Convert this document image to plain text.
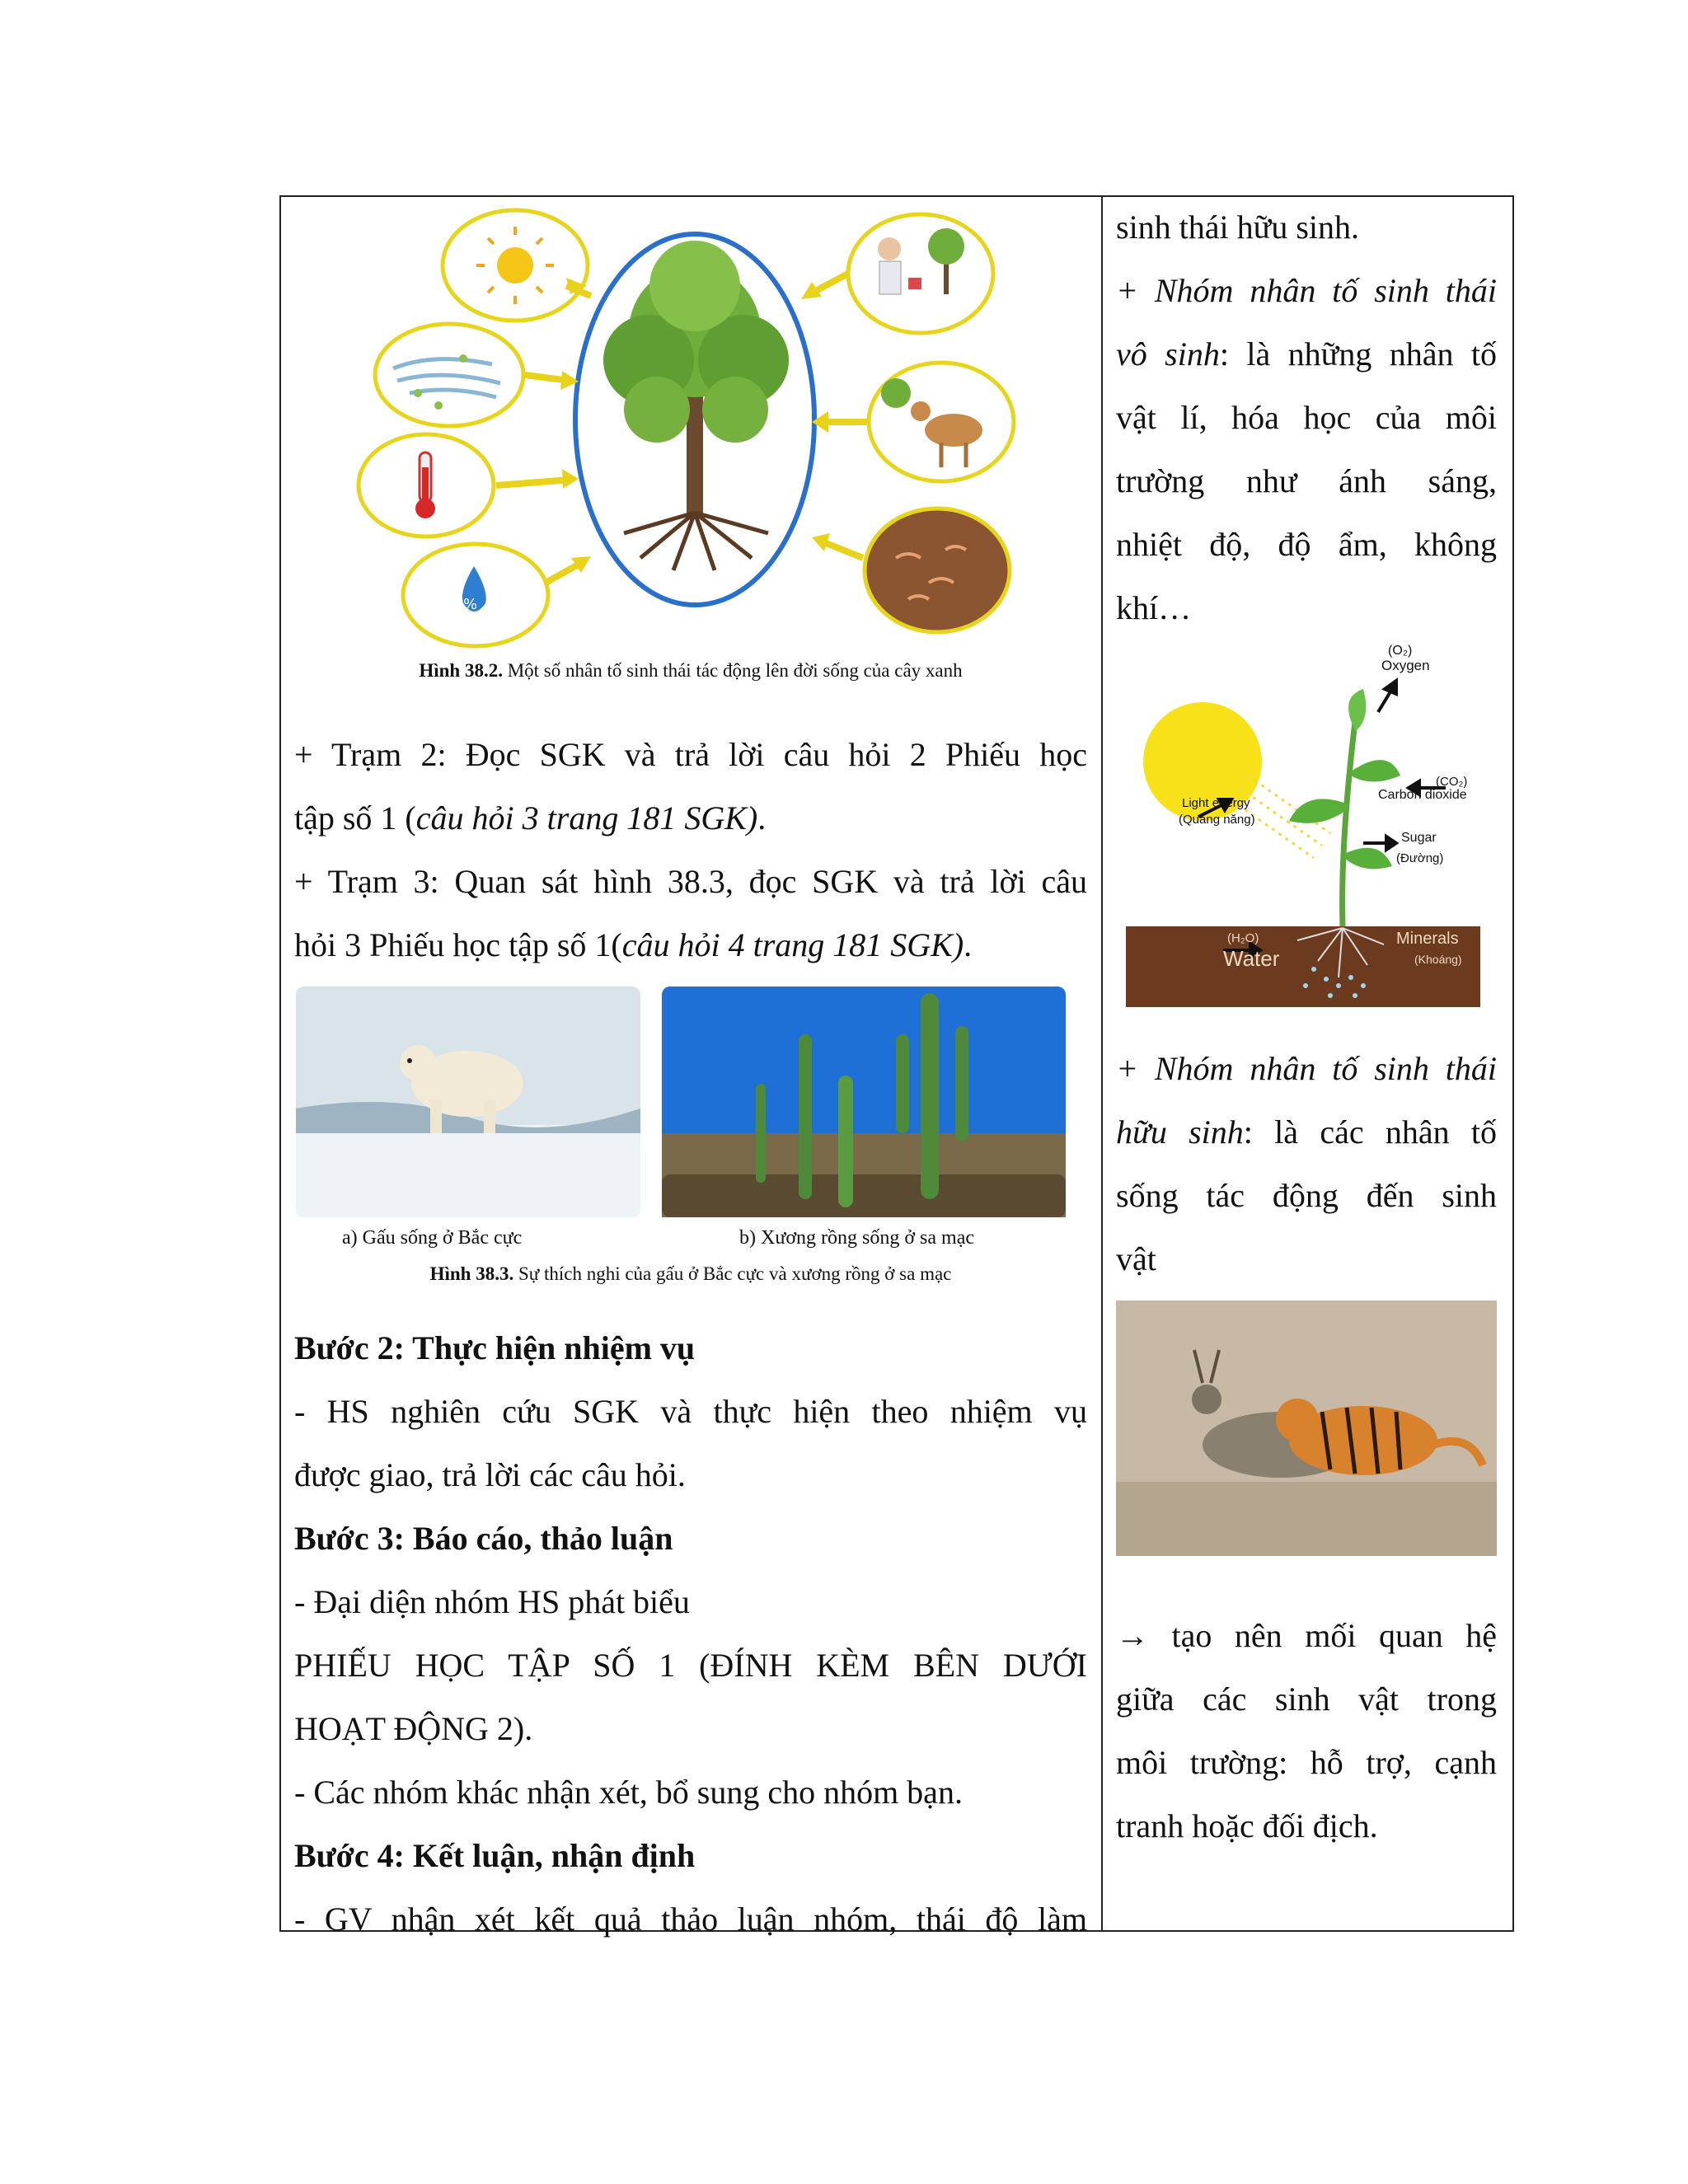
%
Hình 38.2. Một số nhân tố sinh thái tác động lên đời sống của cây xanh

+ Trạm 2: Đọc SGK và trả lời câu hỏi 2 Phiếu học

tập số 1 (câu hỏi 3 trang 181 SGK).

+ Trạm 3: Quan sát hình 38.3, đọc SGK và trả lời câu

hỏi 3 Phiếu học tập số 1(câu hỏi 4 trang 181 SGK).

a) Gấu sống ở Bắc cực	b) Xương rồng sống ở sa mạc
Hình 38.3. Sự thích nghi của gấu ở Bắc cực và xương rồng ở sa mạc

Bước 2: Thực hiện nhiệm vụ

- HS nghiên cứu SGK và thực hiện theo nhiệm vụ

được giao, trả lời các câu hỏi.

Bước 3: Báo cáo, thảo luận

- Đại diện nhóm HS phát biểu

PHIẾU HỌC TẬP SỐ 1 (ĐÍNH KÈM BÊN DƯỚI

HOẠT ĐỘNG 2).

- Các nhóm khác nhận xét, bổ sung cho nhóm bạn.

Bước 4: Kết luận, nhận định

- GV nhận xét kết quả thảo luận nhóm, thái độ làm

sinh thái hữu sinh.

+ Nhóm nhân tố sinh thái

vô sinh: là những nhân tố

vật lí, hóa học của môi

trường như ánh sáng,

nhiệt độ, độ ẩm, không

khí…

(O₂)
Oxygen
(CO₂)
Carbon dioxide
Light energy
(Quang năng)
Sugar
(Đường)
(H₂O)
Water
Minerals
(Khoáng)

+ Nhóm nhân tố sinh thái

hữu sinh: là các nhân tố

sống tác động đến sinh

vật

→ tạo nên mối quan hệ

giữa các sinh vật trong

môi trường: hỗ trợ, cạnh

tranh hoặc đối địch.
